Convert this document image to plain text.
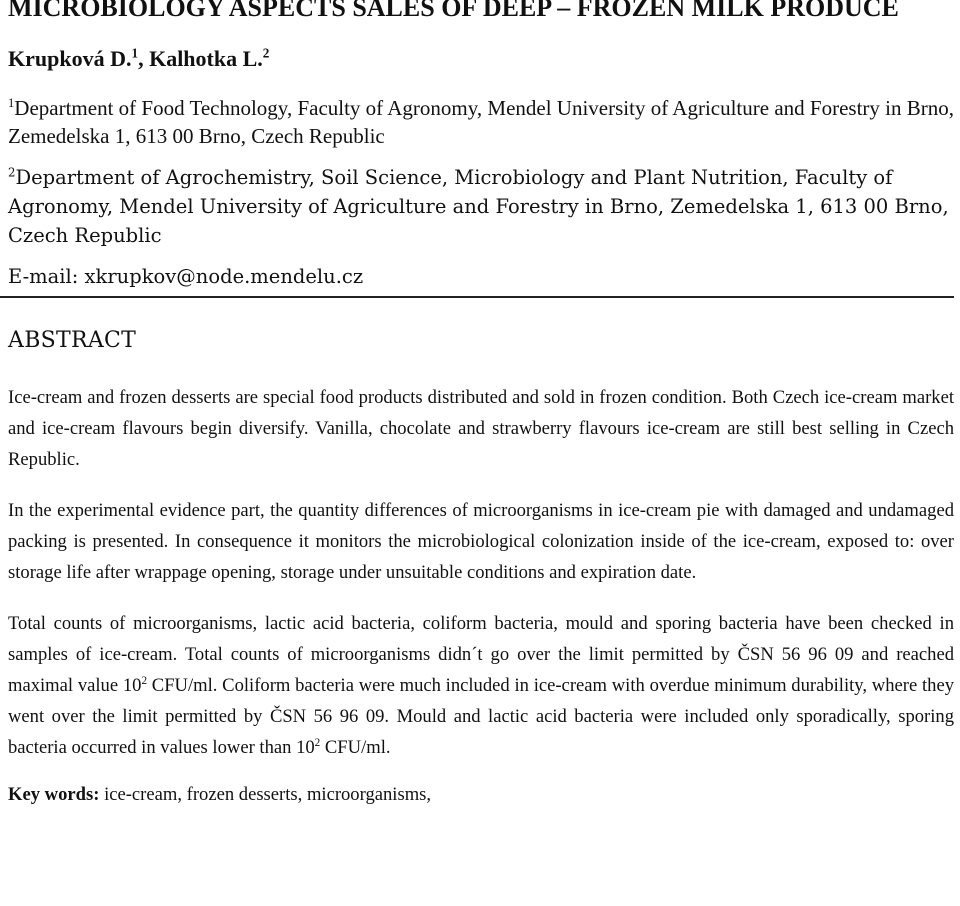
MICROBIOLOGY ASPECTS SALES OF DEEP – FROZEN MILK PRODUCE
Krupková D.$^1$, Kalhotka L.$^2$
$^1$Department of Food Technology, Faculty of Agronomy, Mendel University of Agriculture and Forestry in Brno, Zemedelska 1, 613 00 Brno, Czech Republic
$^2$Department of Agrochemistry, Soil Science, Microbiology and Plant Nutrition, Faculty of Agronomy, Mendel University of Agriculture and Forestry in Brno, Zemedelska 1, 613 00 Brno, Czech Republic
E-mail: xkrupkov@node.mendelu.cz
ABSTRACT

Ice-cream and frozen desserts are special food products distributed and sold in frozen condition. Both Czech ice-cream market and ice-cream flavours begin diversify. Vanilla, chocolate and strawberry flavours ice-cream are still best selling in Czech Republic.

In the experimental evidence part, the quantity differences of microorganisms in ice-cream pie with damaged and undamaged packing is presented. In consequence it monitors the microbiological colonization inside of the ice-cream, exposed to: over storage life after wrappage opening, storage under unsuitable conditions and expiration date.

Total counts of microorganisms, lactic acid bacteria, coliform bacteria, mould and sporing bacteria have been checked in samples of ice-cream. Total counts of microorganisms didn´t go over the limit permitted by ČSN 56 96 09 and reached maximal value $10^2$ CFU/ml. Coliform bacteria were much included in ice-cream with overdue minimum durability, where they went over the limit permitted by ČSN 56 96 09. Mould and lactic acid bacteria were included only sporadically, sporing bacteria occurred in values lower than $10^2$ CFU/ml.

Key words: ice-cream, frozen desserts, microorganisms,
